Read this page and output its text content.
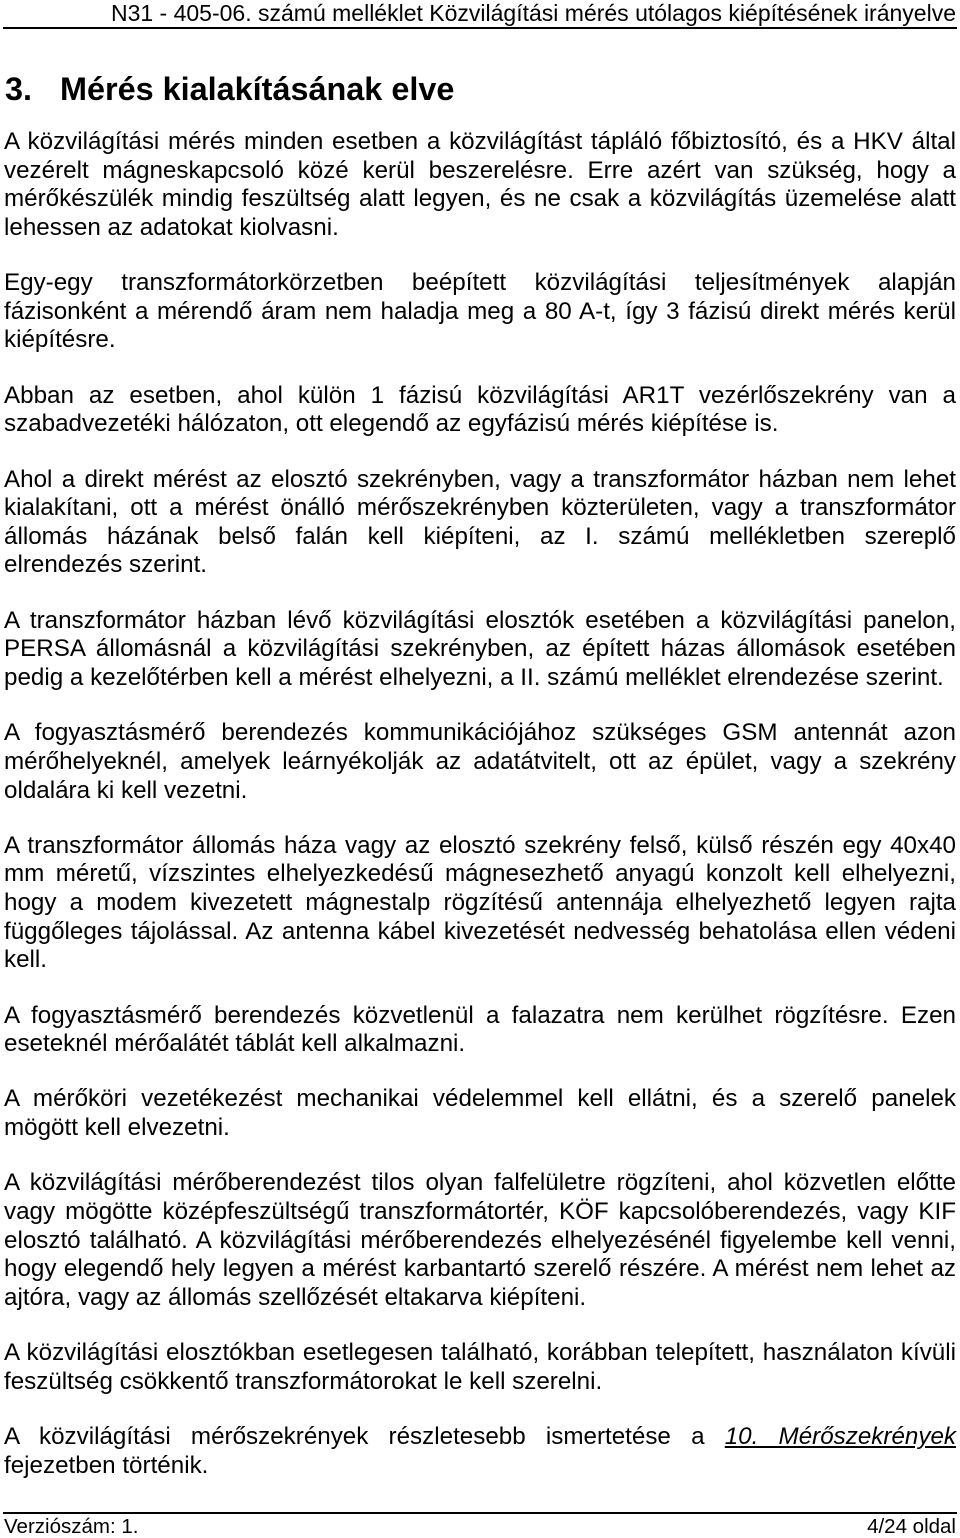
N31 - 405-06. számú melléklet Közvilágítási mérés utólagos kiépítésének irányelve
3. Mérés kialakításának elve
A közvilágítási mérés minden esetben a közvilágítást tápláló főbiztosító, és a HKV által
vezérelt mágneskapcsoló közé kerül beszerelésre. Erre azért van szükség, hogy a
mérőkészülék mindig feszültség alatt legyen, és ne csak a közvilágítás üzemelése alatt
lehessen az adatokat kiolvasni.
Egy-egy transzformátorkörzetben beépített közvilágítási teljesítmények alapján
fázisonként a mérendő áram nem haladja meg a 80 A-t, így 3 fázisú direkt mérés kerül
kiépítésre.
Abban az esetben, ahol külön 1 fázisú közvilágítási AR1T vezérlőszekrény van a
szabadvezetéki hálózaton, ott elegendő az egyfázisú mérés kiépítése is.
Ahol a direkt mérést az elosztó szekrényben, vagy a transzformátor házban nem lehet
kialakítani, ott a mérést önálló mérőszekrényben közterületen, vagy a transzformátor
állomás házának belső falán kell kiépíteni, az I. számú mellékletben szereplő
elrendezés szerint.
A transzformátor házban lévő közvilágítási elosztók esetében a közvilágítási panelon,
PERSA állomásnál a közvilágítási szekrényben, az épített házas állomások esetében
pedig a kezelőtérben kell a mérést elhelyezni, a II. számú melléklet elrendezése szerint.
A fogyasztásmérő berendezés kommunikációjához szükséges GSM antennát azon
mérőhelyeknél, amelyek leárnyékolják az adatátvitelt, ott az épület, vagy a szekrény
oldalára ki kell vezetni.
A transzformátor állomás háza vagy az elosztó szekrény felső, külső részén egy 40x40
mm méretű, vízszintes elhelyezkedésű mágnesezhető anyagú konzolt kell elhelyezni,
hogy a modem kivezetett mágnestalp rögzítésű antennája elhelyezhető legyen rajta
függőleges tájolással. Az antenna kábel kivezetését nedvesség behatolása ellen védeni
kell.
A fogyasztásmérő berendezés közvetlenül a falazatra nem kerülhet rögzítésre. Ezen
eseteknél mérőalátét táblát kell alkalmazni.
A mérőköri vezetékezést mechanikai védelemmel kell ellátni, és a szerelő panelek
mögött kell elvezetni.
A közvilágítási mérőberendezést tilos olyan falfelületre rögzíteni, ahol közvetlen előtte
vagy mögötte középfeszültségű transzformátortér, KÖF kapcsolóberendezés, vagy KIF
elosztó található. A közvilágítási mérőberendezés elhelyezésénél figyelembe kell venni,
hogy elegendő hely legyen a mérést karbantartó szerelő részére. A mérést nem lehet az
ajtóra, vagy az állomás szellőzését eltakarva kiépíteni.
A közvilágítási elosztókban esetlegesen található, korábban telepített, használaton kívüli
feszültség csökkentő transzformátorokat le kell szerelni.
A közvilágítási mérőszekrények részletesebb ismertetése a 10. Mérőszekrények
fejezetben történik.
Verziószám: 1.	4/24 oldal
